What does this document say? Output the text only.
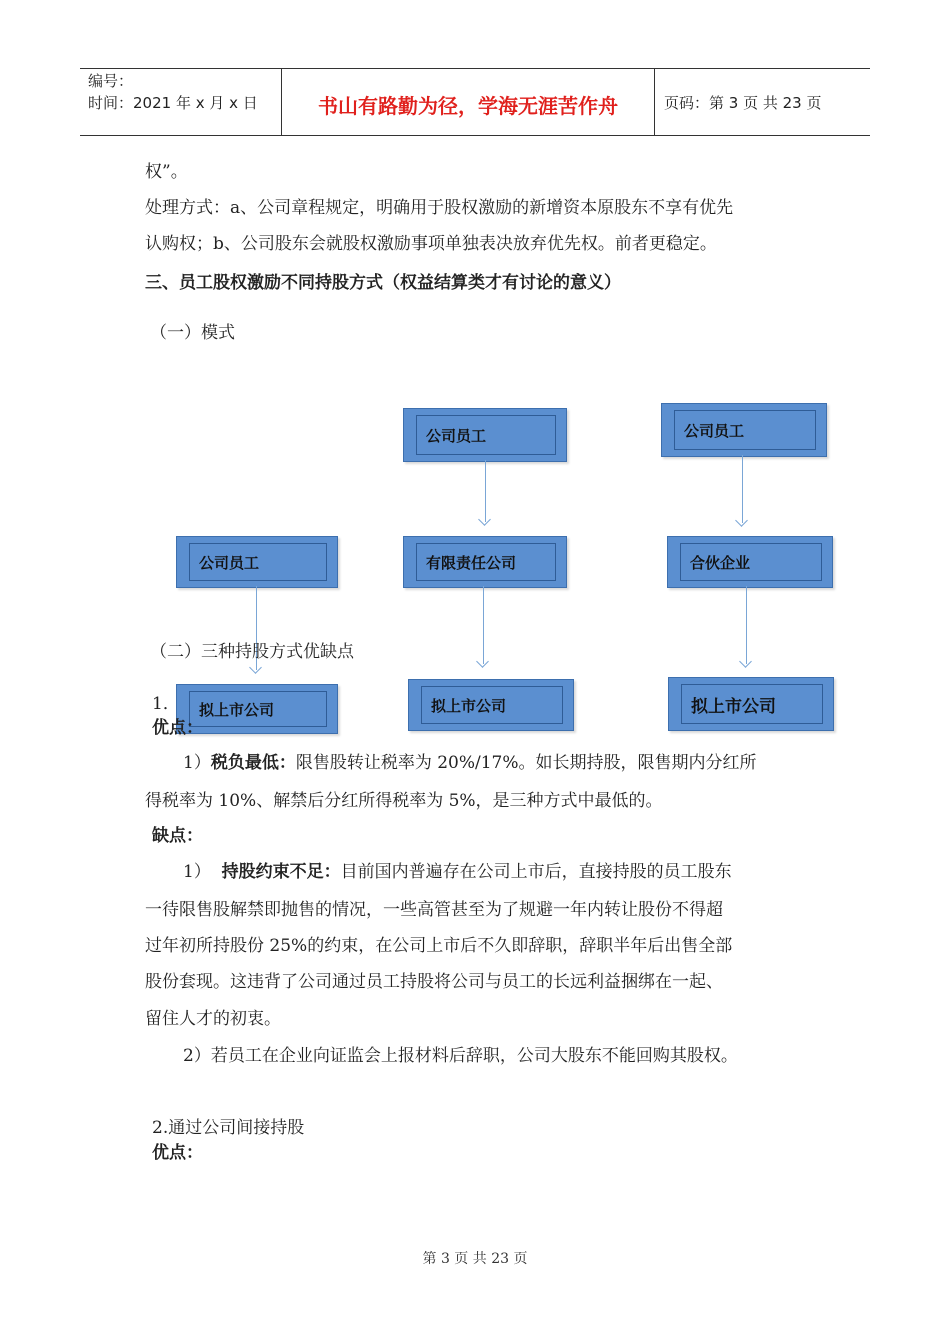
编号：
时间：2021 年 x 月 x 日	书山有路勤为径，学海无涯苦作舟	页码：第 3 页 共 23 页
权”。
处理方式：a、公司章程规定，明确用于股权激励的新增资本原股东不享有优先
认购权；b、公司股东会就股权激励事项单独表决放弃优先权。前者更稳定。
三、员工股权激励不同持股方式（权益结算类才有讨论的意义）
（一）模式
公司员工
拟上市公司
公司员工
有限责任公司
拟上市公司
公司员工
合伙企业
拟上市公司
（二）三种持股方式优缺点
1．
优点：
1）税负最低：限售股转让税率为 20%/17%。如长期持股，限售期内分红所
得税率为 10%、解禁后分红所得税率为 5%，是三种方式中最低的。
缺点：
1）  持股约束不足：目前国内普遍存在公司上市后，直接持股的员工股东
一待限售股解禁即抛售的情况，一些高管甚至为了规避一年内转让股份不得超
过年初所持股份 25%的约束，在公司上市后不久即辞职，辞职半年后出售全部
股份套现。这违背了公司通过员工持股将公司与员工的长远利益捆绑在一起、
留住人才的初衷。
2）若员工在企业向证监会上报材料后辞职，公司大股东不能回购其股权。
2.通过公司间接持股
优点：
第 3 页 共 23 页
